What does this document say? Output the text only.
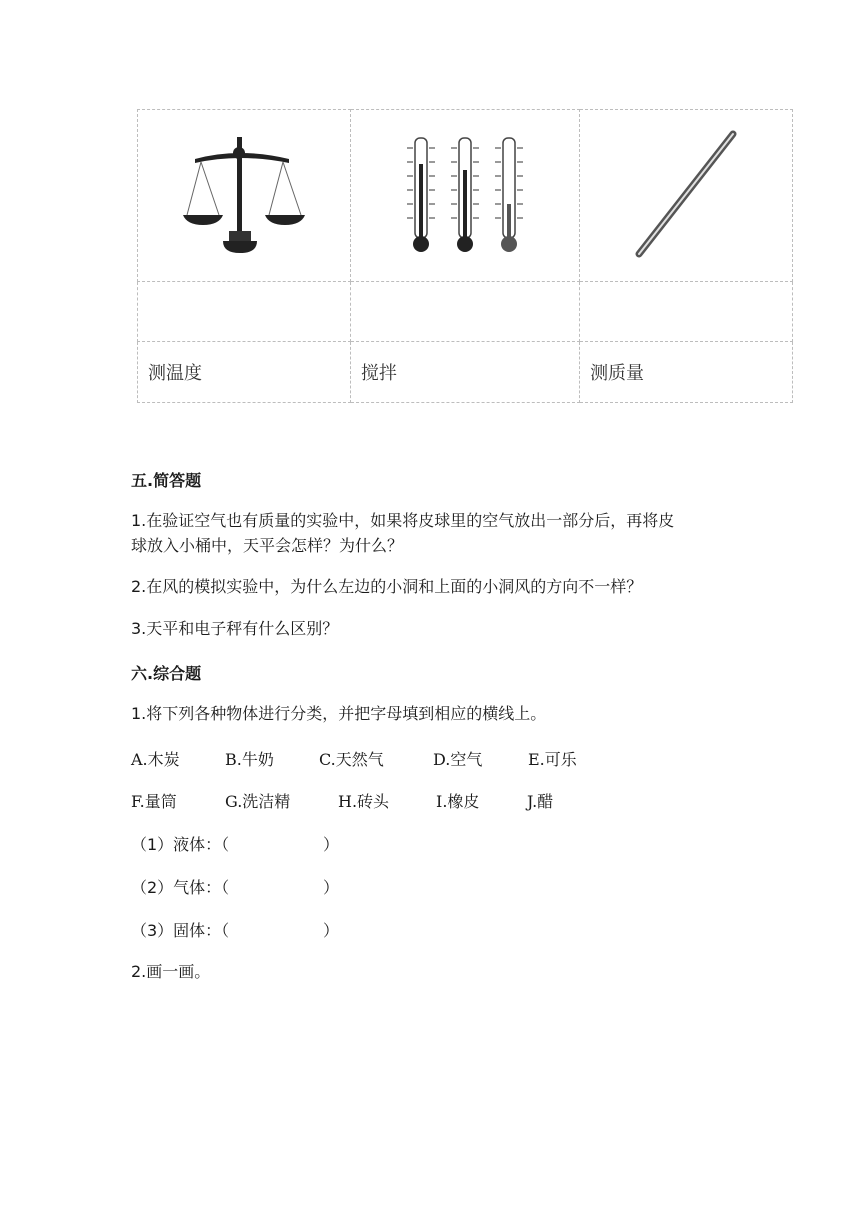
测温度	搅拌	测质量
五.简答题
1.在验证空气也有质量的实验中，如果将皮球里的空气放出一部分后，再将皮
球放入小桶中，天平会怎样？为什么？
2.在风的模拟实验中，为什么左边的小洞和上面的小洞风的方向不一样？
3.天平和电子秤有什么区别？
六.综合题
1.将下列各种物体进行分类，并把字母填到相应的横线上。
A.木炭	B.牛奶	C.天然气	D.空气	E.可乐
F.量筒	G.洗洁精	H.砖头	I.橡皮	J.醋
（1）液体：（	）
（2）气体：（	）
（3）固体：（	）
2.画一画。
